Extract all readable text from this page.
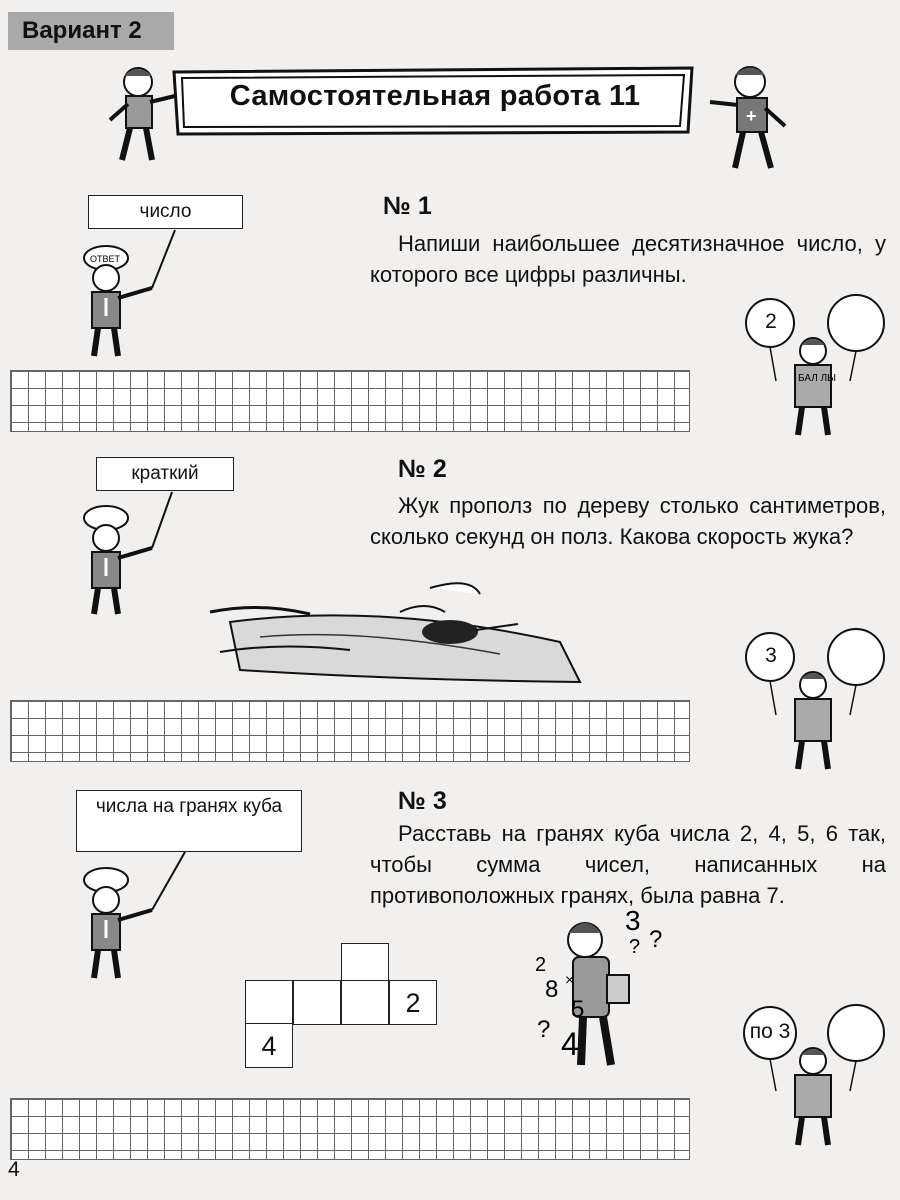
Вариант 2
Самостоятельная работа 11
+
число
ОТВЕТ
№ 1
Напиши наибольшее десятизначное число, у которого все цифры различны.
БАЛ ЛЫ
2
краткий	№ 2
Жук прополз по дереву столько сантиметров, сколько секунд он полз. Какова скорость жука?
3
числа на гранях куба	№ 3
Расставь на гранях куба числа 2, 4, 5, 6 так, чтобы сумма чисел, написанных на противоположных гранях, была равна 7.
2
4
3
?
?
2
8 ×
5
4
?	по 3
4
